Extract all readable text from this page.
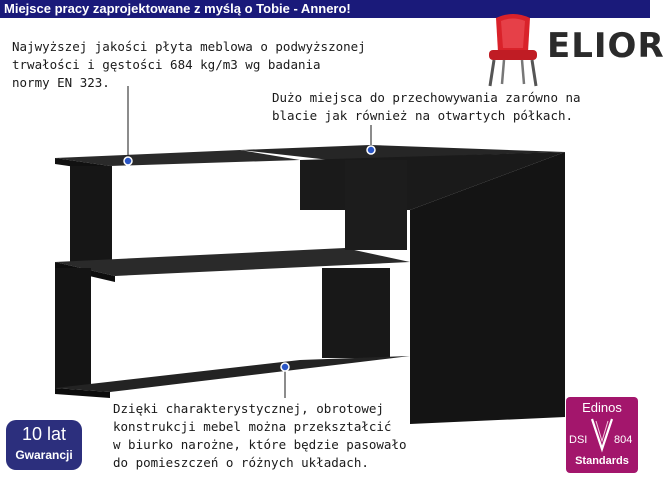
Miejsce pracy zaprojektowane z myślą o Tobie - Annero!
Najwyższej jakości płyta meblowa o podwyższonej
trwałości i gęstości 684 kg/m3 wg badania
normy EN 323.
Dużo miejsca do przechowywania zarówno na
blacie jak również na otwartych półkach.
Dzięki charakterystycznej, obrotowej
konstrukcji mebel można przekształcić
w biurko narożne, które będzie pasowało
do pomieszczeń o różnych układach.
ELIOR
10 lat
Gwarancji
Edinos
DSI 804
Standards
